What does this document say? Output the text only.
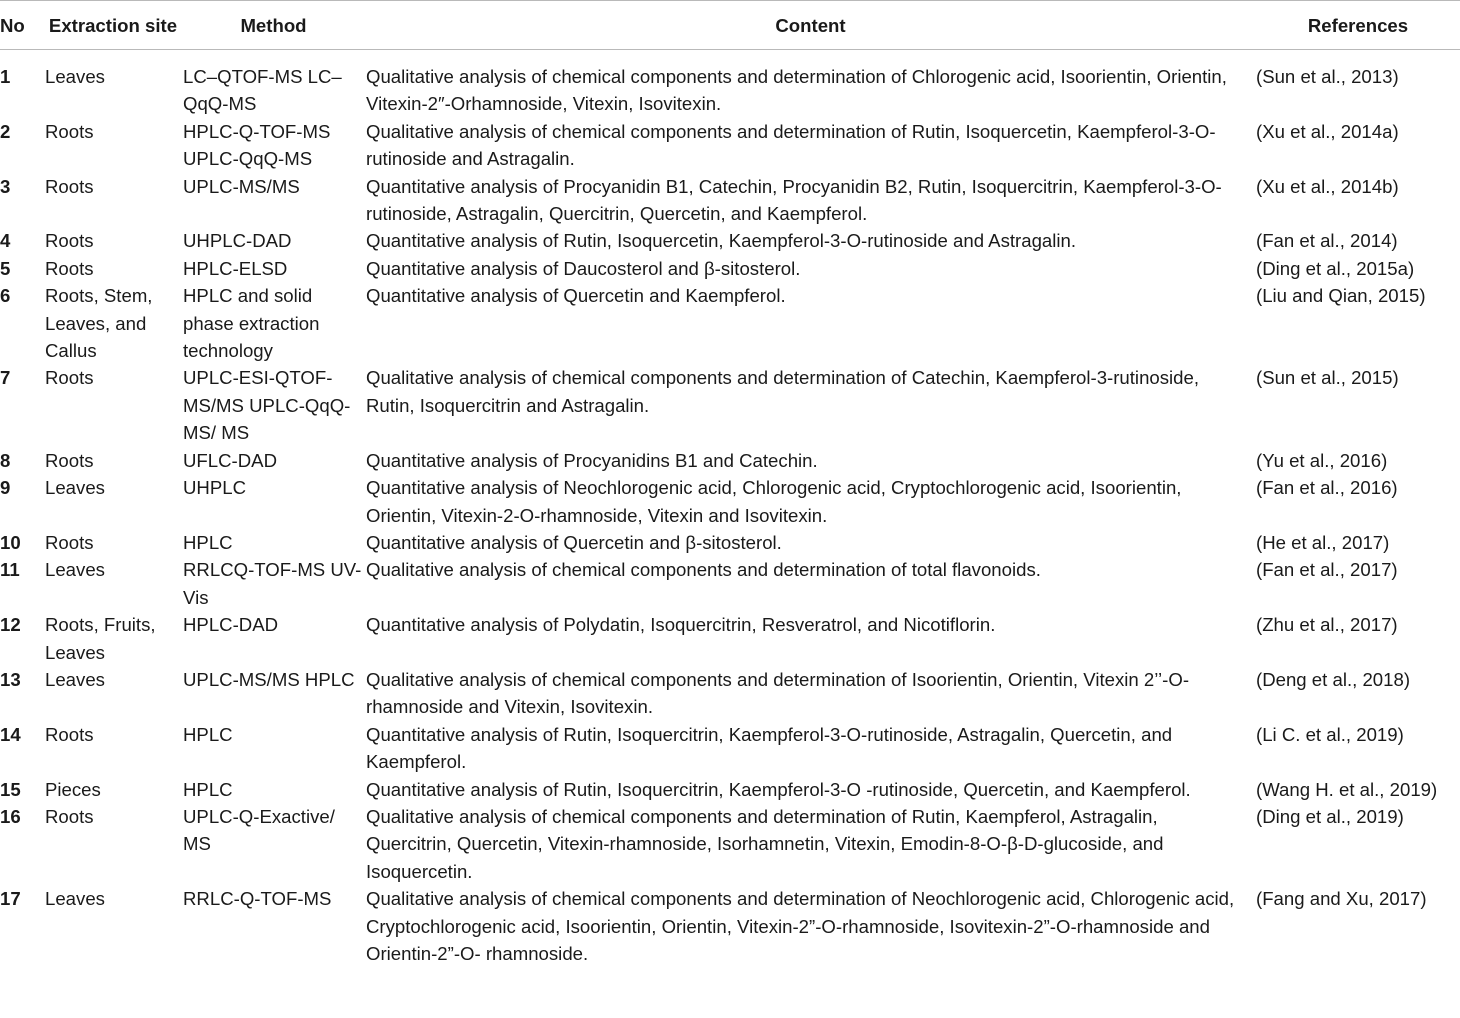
No	Extraction site	Method	Content	References
1	Leaves	LC–QTOF-MS LC–QqQ-MS	Qualitative analysis of chemical components and determination of Chlorogenic acid, Isoorientin, Orientin, Vitexin-2″-Orhamnoside, Vitexin, Isovitexin.	(Sun et al., 2013)
2	Roots	HPLC-Q-TOF-MS UPLC-QqQ-MS	Qualitative analysis of chemical components and determination of Rutin, Isoquercetin, Kaempferol-3-O-rutinoside and Astragalin.	(Xu et al., 2014a)
3	Roots	UPLC-MS/MS	Quantitative analysis of Procyanidin B1, Catechin, Procyanidin B2, Rutin, Isoquercitrin, Kaempferol-3-O-rutinoside, Astragalin, Quercitrin, Quercetin, and Kaempferol.	(Xu et al., 2014b)
4	Roots	UHPLC-DAD	Quantitative analysis of Rutin, Isoquercetin, Kaempferol-3-O-rutinoside and Astragalin.	(Fan et al., 2014)
5	Roots	HPLC-ELSD	Quantitative analysis of Daucosterol and β-sitosterol.	(Ding et al., 2015a)
6	Roots, Stem, Leaves, and Callus	HPLC and solid phase extraction technology	Quantitative analysis of Quercetin and Kaempferol.	(Liu and Qian, 2015)
7	Roots	UPLC-ESI-QTOF-MS/MS UPLC-QqQ-MS/ MS	Qualitative analysis of chemical components and determination of Catechin, Kaempferol-3-rutinoside, Rutin, Isoquercitrin and Astragalin.	(Sun et al., 2015)
8	Roots	UFLC-DAD	Quantitative analysis of Procyanidins B1 and Catechin.	(Yu et al., 2016)
9	Leaves	UHPLC	Quantitative analysis of Neochlorogenic acid, Chlorogenic acid, Cryptochlorogenic acid, Isoorientin, Orientin, Vitexin-2-O-rhamnoside, Vitexin and Isovitexin.	(Fan et al., 2016)
10	Roots	HPLC	Quantitative analysis of Quercetin and β-sitosterol.	(He et al., 2017)
11	Leaves	RRLCQ-TOF-MS UV-Vis	Qualitative analysis of chemical components and determination of total flavonoids.	(Fan et al., 2017)
12	Roots, Fruits, Leaves	HPLC-DAD	Quantitative analysis of Polydatin, Isoquercitrin, Resveratrol, and Nicotiflorin.	(Zhu et al., 2017)
13	Leaves	UPLC-MS/MS HPLC	Qualitative analysis of chemical components and determination of Isoorientin, Orientin, Vitexin 2’’-O-rhamnoside and Vitexin, Isovitexin.	(Deng et al., 2018)
14	Roots	HPLC	Quantitative analysis of Rutin, Isoquercitrin, Kaempferol-3-O-rutinoside, Astragalin, Quercetin, and Kaempferol.	(Li C. et al., 2019)
15	Pieces	HPLC	Quantitative analysis of Rutin, Isoquercitrin, Kaempferol-3-O -rutinoside, Quercetin, and Kaempferol.	(Wang H. et al., 2019)
16	Roots	UPLC-Q-Exactive/ MS	Qualitative analysis of chemical components and determination of Rutin, Kaempferol, Astragalin, Quercitrin, Quercetin, Vitexin-rhamnoside, Isorhamnetin, Vitexin, Emodin-8-O-β-D-glucoside, and Isoquercetin.	(Ding et al., 2019)
17	Leaves	RRLC-Q-TOF-MS	Qualitative analysis of chemical components and determination of Neochlorogenic acid, Chlorogenic acid, Cryptochlorogenic acid, Isoorientin, Orientin, Vitexin-2”-O-rhamnoside, Isovitexin-2”-O-rhamnoside and Orientin-2”-O- rhamnoside.	(Fang and Xu, 2017)
